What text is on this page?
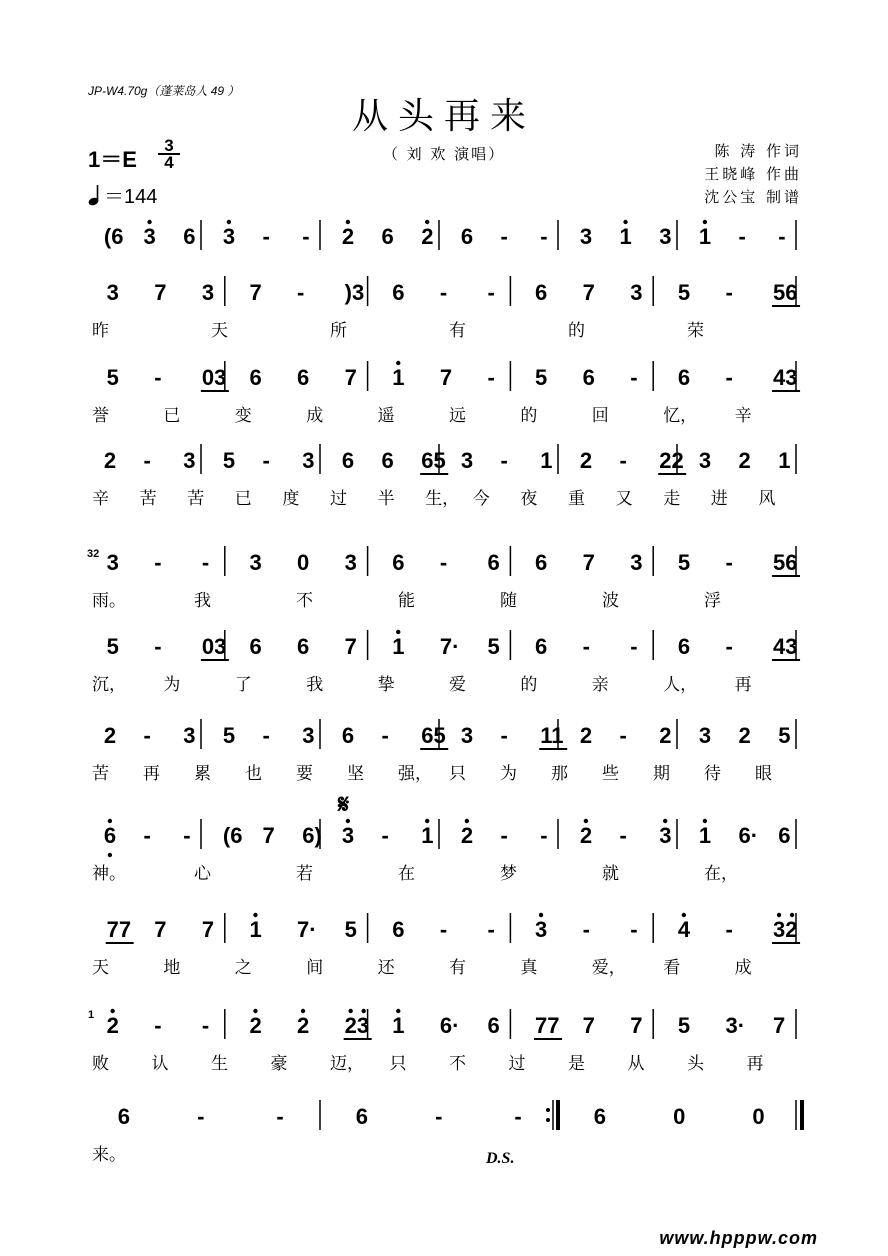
JP-W4.70g（蓬莱岛人 49 ）
从头再来
（ 刘 欢 演唱）
1＝E
3
4
＝144
陈 涛 作词
王晓峰 作曲
沈公宝 制谱
(6 3 6 3 - - 2 6 2 6 - - 3 1 3 1 - -
3 7 3 7 - )3 6 - - 6 7 3 5 - 56
5 - 03 6 6 7 1 7 - 5 6 - 6 - 43
2 - 3 5 - 3 6 6 65 3 - 1 2 - 22 3 2 1
3 - - 3 0 3 6 - 6 6 7 3 5 - 56
5 - 03 6 6 7 1 7· 5 6 - - 6 - 43
2 - 3 5 - 3 6 - 65 3 - 11 2 - 2 3 2 5
6 - - (6 7 6) 3 - 1 2 - - 2 - 3 1 6· 6
77 7 7 1 7· 5 6 - - 3 - - 4 - 32
2 - - 2 2 23 1 6· 6 77 7 7 5 3· 7
6	-	-	6	-	-	6	0	0
昨	天	所	有	的	荣
誉	已	变	成	遥	远	的	回	忆， 辛
辛 苦 苦 已 度 过 半 生， 今 夜 重 又 走 进 风
雨。	我	不	能	随	波	浮
沉， 为	了	我	挚	爱	的	亲	人， 再
苦 再 累 也 要 坚 强， 只 为 那 些 期 待 眼
神。	心	若	在	梦	就	在，
天	地	之	间	还	有	真	爱， 看	成
败	认	生	豪	迈， 只	不	过	是	从	头	再
来。
𝄋
D.S.
32
1
www.hpppw.com
